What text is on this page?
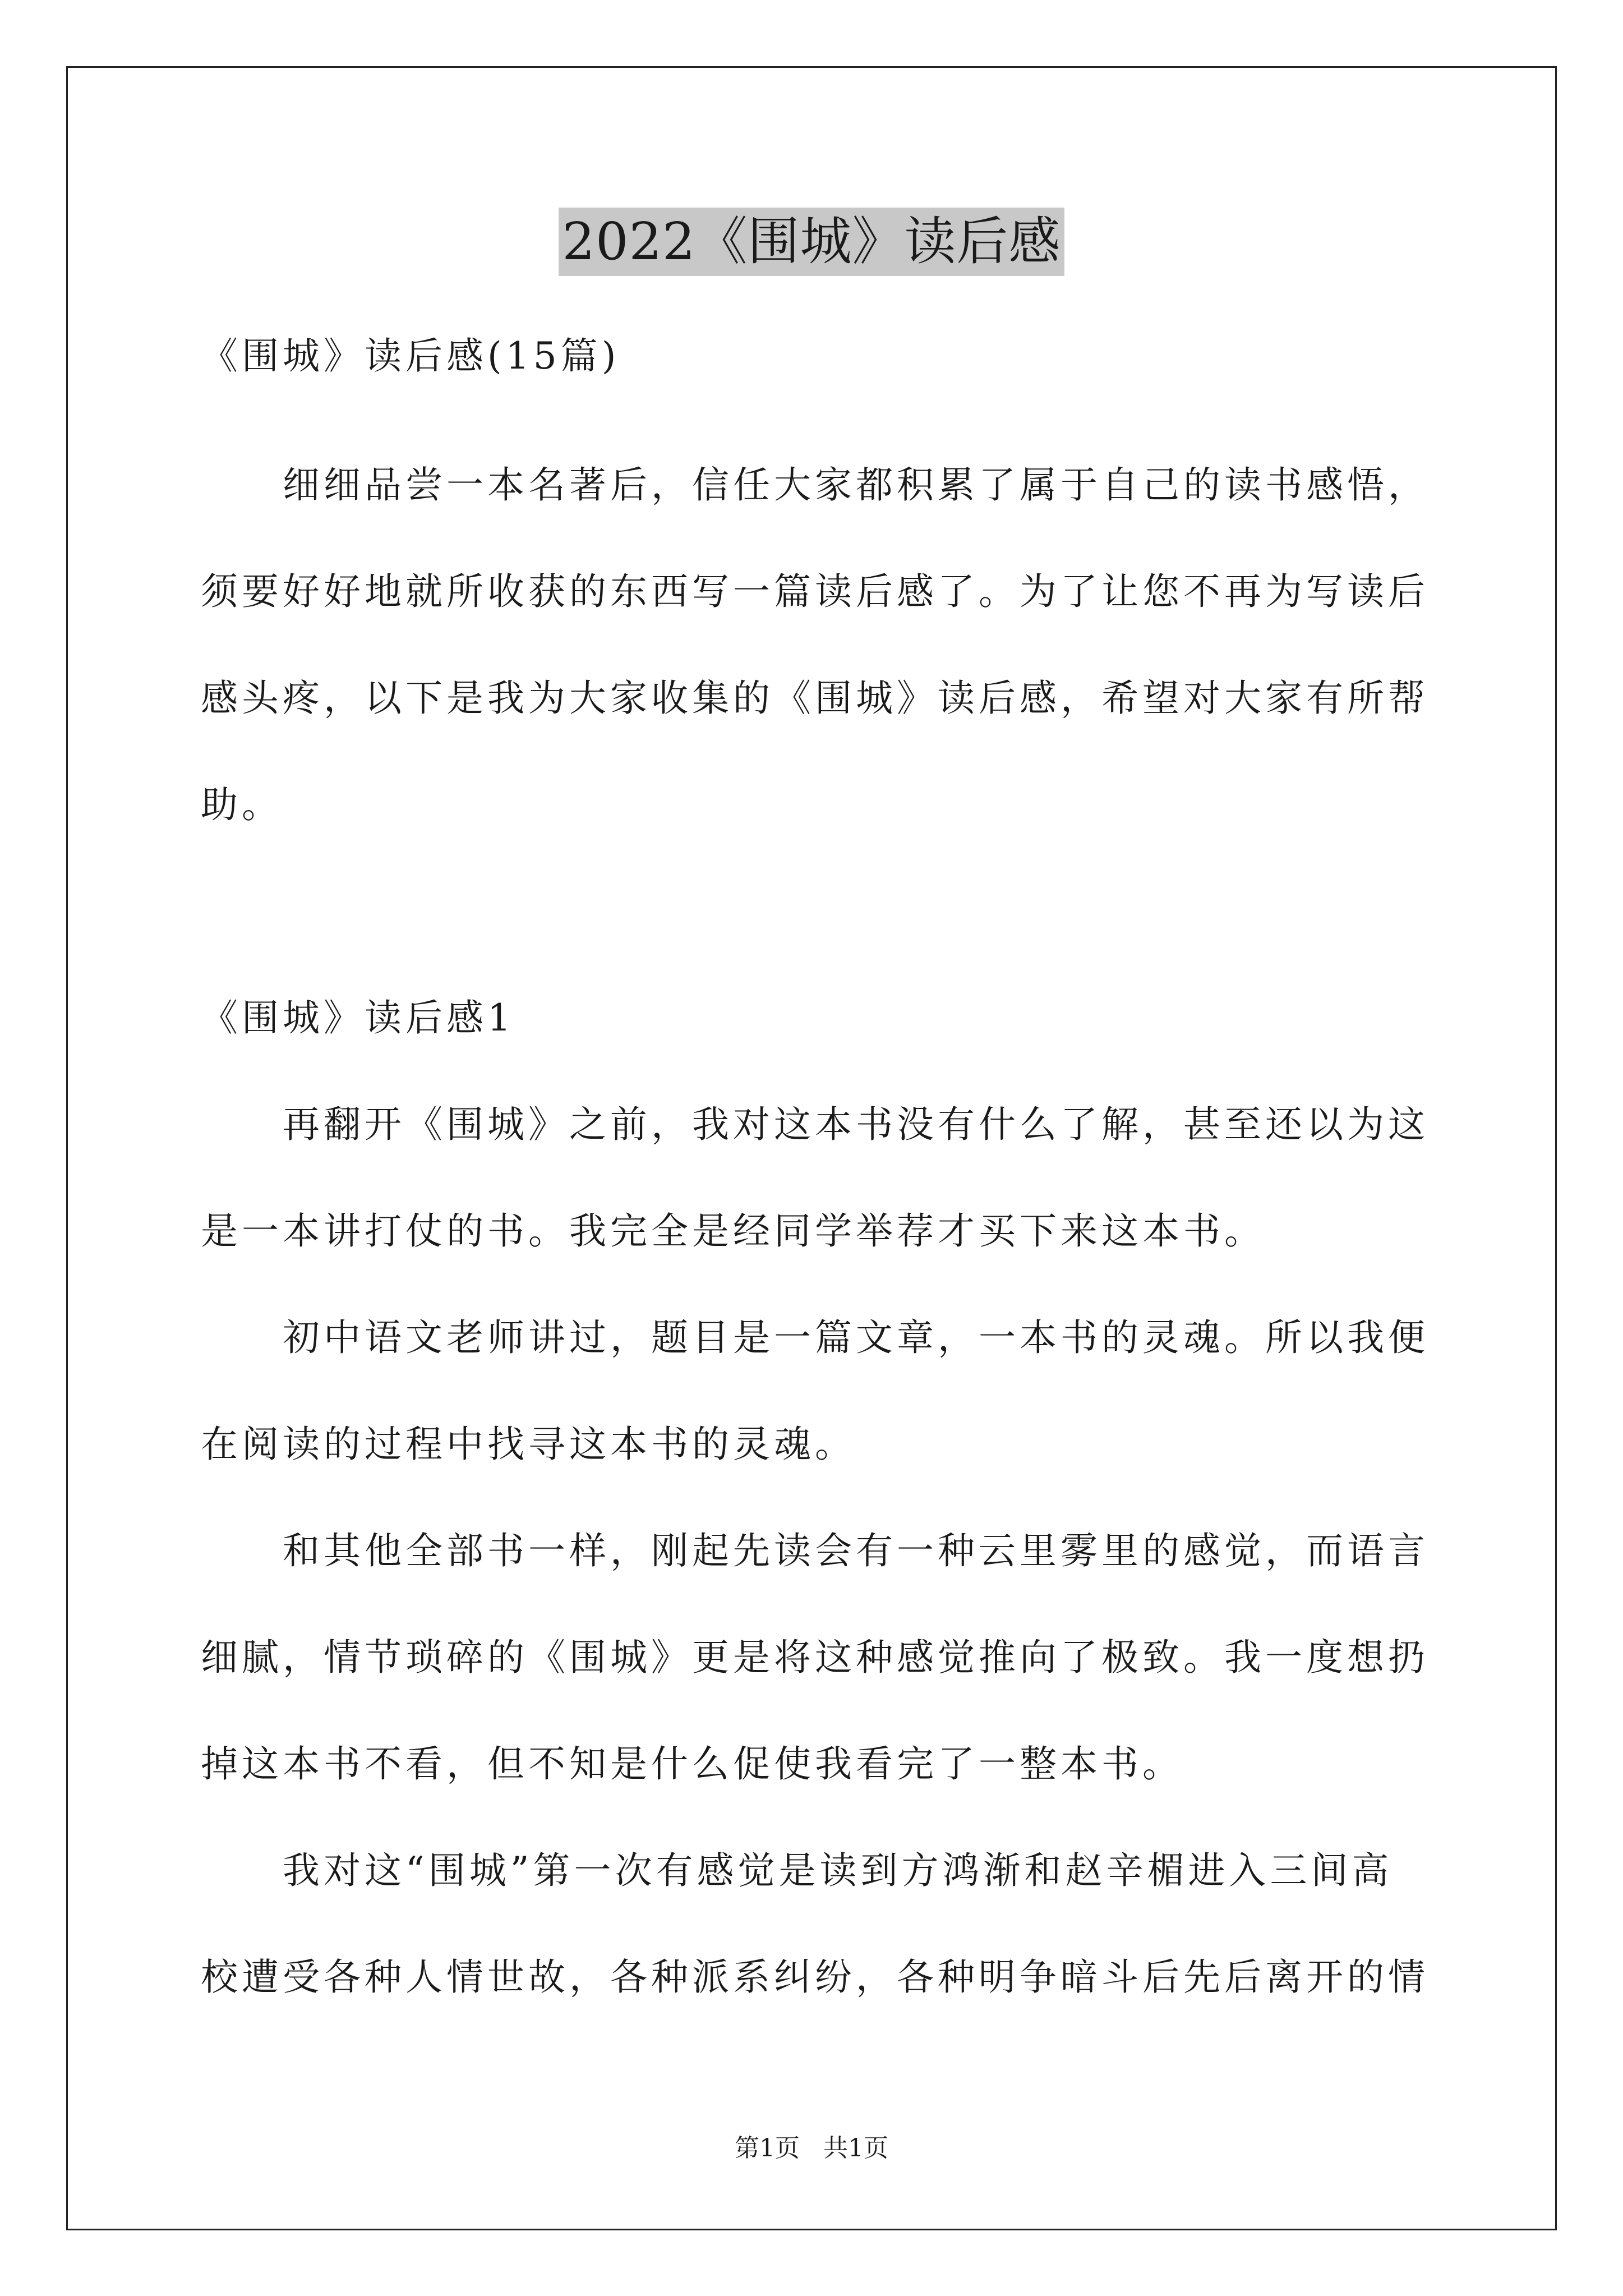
2022《围城》读后感
《围城》读后感(15篇)
细细品尝一本名著后，信任大家都积累了属于自己的读书感悟，
须要好好地就所收获的东西写一篇读后感了。为了让您不再为写读后
感头疼，以下是我为大家收集的《围城》读后感，希望对大家有所帮
助。
《围城》读后感1
再翻开《围城》之前，我对这本书没有什么了解，甚至还以为这
是一本讲打仗的书。我完全是经同学举荐才买下来这本书。
初中语文老师讲过，题目是一篇文章，一本书的灵魂。所以我便
在阅读的过程中找寻这本书的灵魂。
和其他全部书一样，刚起先读会有一种云里雾里的感觉，而语言
细腻，情节琐碎的《围城》更是将这种感觉推向了极致。我一度想扔
掉这本书不看，但不知是什么促使我看完了一整本书。
我对这“围城”第一次有感觉是读到方鸿渐和赵辛楣进入三间高
校遭受各种人情世故，各种派系纠纷，各种明争暗斗后先后离开的情
第1页   共1页
